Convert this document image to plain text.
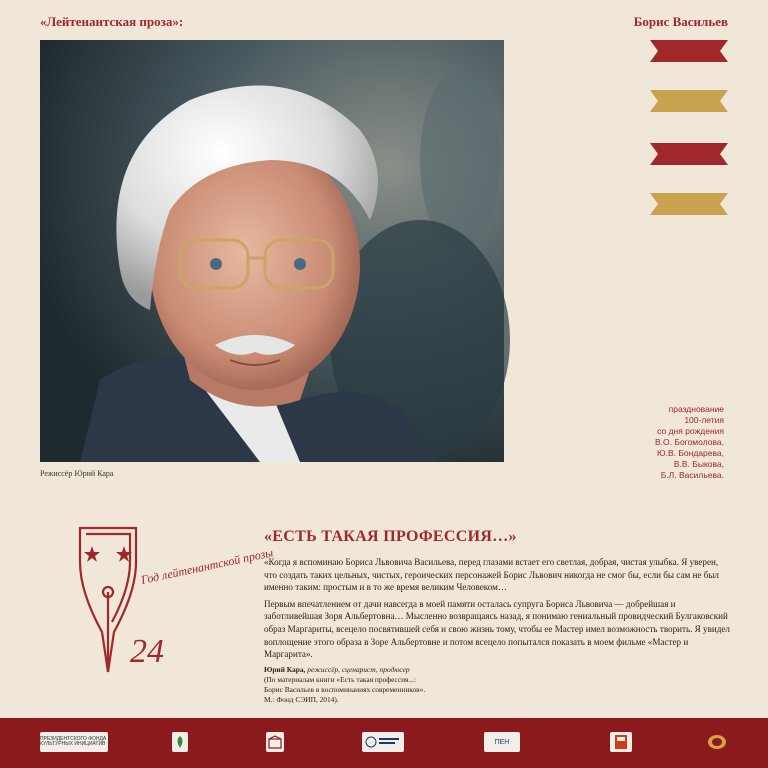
«Лейтенантская проза»:	Борис Васильев
Режиссёр Юрий Кара
празднование
100-летия
со дня рождения
В.О. Богомолова,
Ю.В. Бондарева,
В.В. Быкова,
Б.Л. Васильева.
Год лейтенантской прозы
24
«ЕСТЬ ТАКАЯ ПРОФЕССИЯ…»

«Когда я вспоминаю Бориса Львовича Васильева, перед глазами встает его светлая, добрая, чистая улыбка. Я уверен, что создать таких цельных, чистых, героических персонажей Борис Львович никогда не смог бы, если бы сам не был именно таким: простым и в то же время великим Человеком…

Первым впечатлением от дачи навсегда в моей памяти осталась супруга Бориса Львовича — добрейшая и заботливейшая Зоря Альбертовна… Мысленно возвращаясь назад, я понимаю гениальный провидческий Булгаковский образ Маргариты, всецело посвятившей себя и свою жизнь тому, чтобы ее Мастер имел возможность творить. Я увидел воплощение этого образа в Зоре Альбертовне и потом всецело попытался показать в моем фильме «Мастер и Маргарита».

Юрий Кара, режиссёр, сценарист, продюсер
(По материалам книги «Есть такая профессия...:
Борис Васильев в воспоминаниях современников».
М.: Фонд СЭИП, 2014).
ПРЕЗИДЕНТСКОГО ФОНДА КУЛЬТУРНЫХ ИНИЦИАТИВ	ПЕН
